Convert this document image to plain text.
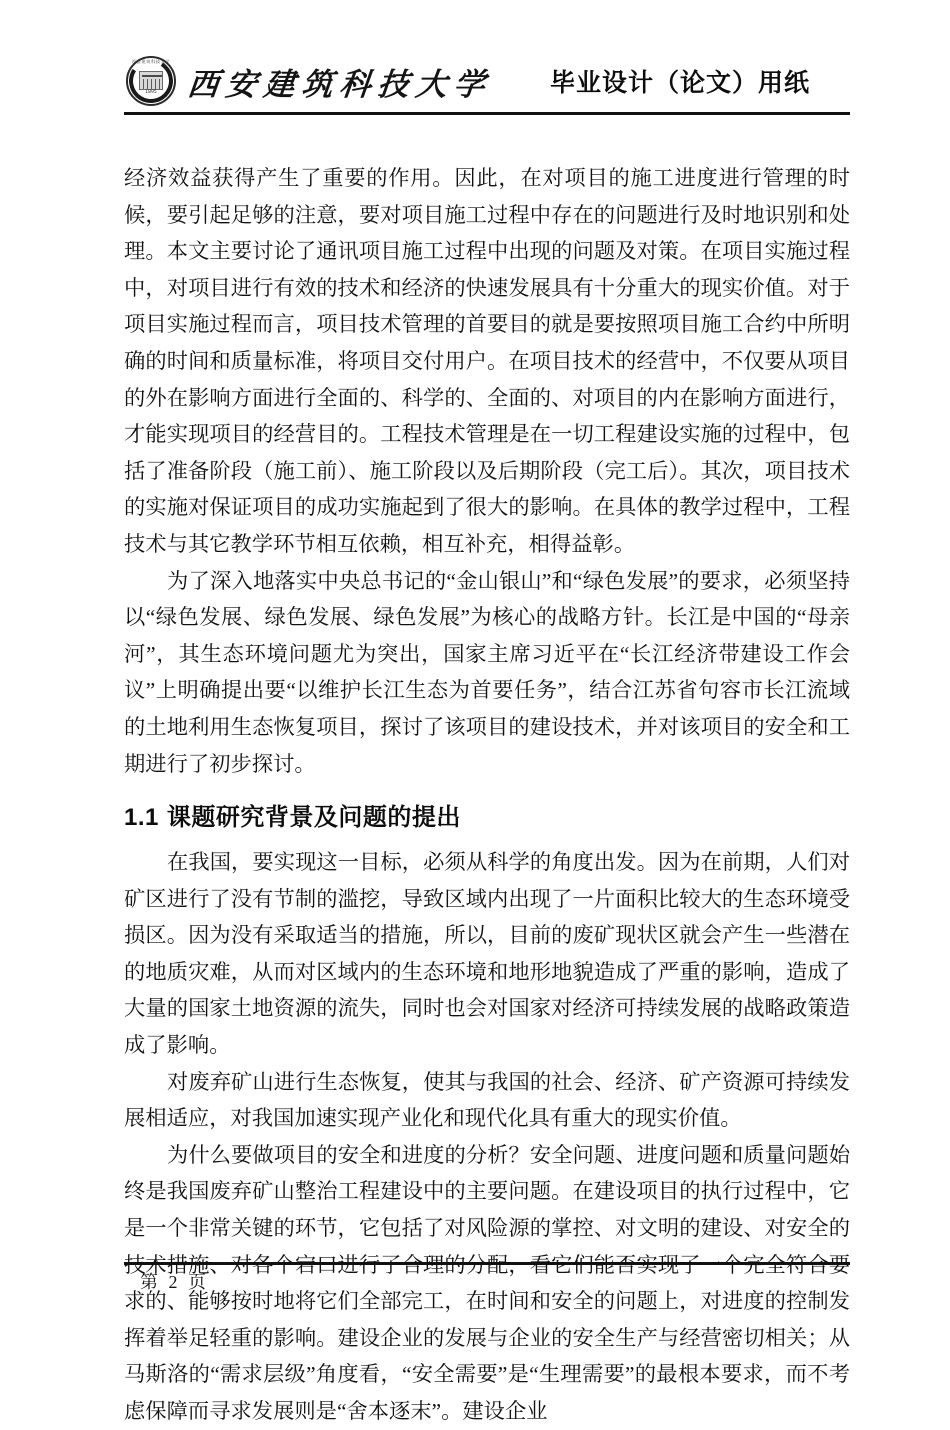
西安建筑科技大学
1895 西安建筑科技大学 毕业设计（论文）用纸

经济效益获得产生了重要的作用。因此，在对项目的施工进度进行管理的时候，要引起足够的注意，要对项目施工过程中存在的问题进行及时地识别和处理。本文主要讨论了通讯项目施工过程中出现的问题及对策。在项目实施过程中，对项目进行有效的技术和经济的快速发展具有十分重大的现实价值。对于项目实施过程而言，项目技术管理的首要目的就是要按照项目施工合约中所明确的时间和质量标准，将项目交付用户。在项目技术的经营中，不仅要从项目的外在影响方面进行全面的、科学的、全面的、对项目的内在影响方面进行，才能实现项目的经营目的。工程技术管理是在一切工程建设实施的过程中，包括了准备阶段（施工前）、施工阶段以及后期阶段（完工后）。其次，项目技术的实施对保证项目的成功实施起到了很大的影响。在具体的教学过程中，工程技术与其它教学环节相互依赖，相互补充，相得益彰。

为了深入地落实中央总书记的“金山银山”和“绿色发展”的要求，必须坚持以“绿色发展、绿色发展、绿色发展”为核心的战略方针。长江是中国的“母亲河”，其生态环境问题尤为突出，国家主席习近平在“长江经济带建设工作会议”上明确提出要“以维护长江生态为首要任务”，结合江苏省句容市长江流域的土地利用生态恢复项目，探讨了该项目的建设技术，并对该项目的安全和工期进行了初步探讨。

1.1 课题研究背景及问题的提出

在我国，要实现这一目标，必须从科学的角度出发。因为在前期，人们对矿区进行了没有节制的滥挖，导致区域内出现了一片面积比较大的生态环境受损区。因为没有采取适当的措施，所以，目前的废矿现状区就会产生一些潜在的地质灾难，从而对区域内的生态环境和地形地貌造成了严重的影响，造成了大量的国家土地资源的流失，同时也会对国家对经济可持续发展的战略政策造成了影响。

对废弃矿山进行生态恢复，使其与我国的社会、经济、矿产资源可持续发展相适应，对我国加速实现产业化和现代化具有重大的现实价值。

为什么要做项目的安全和进度的分析？安全问题、进度问题和质量问题始终是我国废弃矿山整治工程建设中的主要问题。在建设项目的执行过程中，它是一个非常关键的环节，它包括了对风险源的掌控、对文明的建设、对安全的技术措施、对各个宕口进行了合理的分配，看它们能否实现了一个完全符合要求的、能够按时地将它们全部完工，在时间和安全的问题上，对进度的控制发挥着举足轻重的影响。建设企业的发展与企业的安全生产与经营密切相关；从马斯洛的“需求层级”角度看，“安全需要”是“生理需要”的最根本要求，而不考虑保障而寻求发展则是“舍本逐末”。建设企业

第 2 页
